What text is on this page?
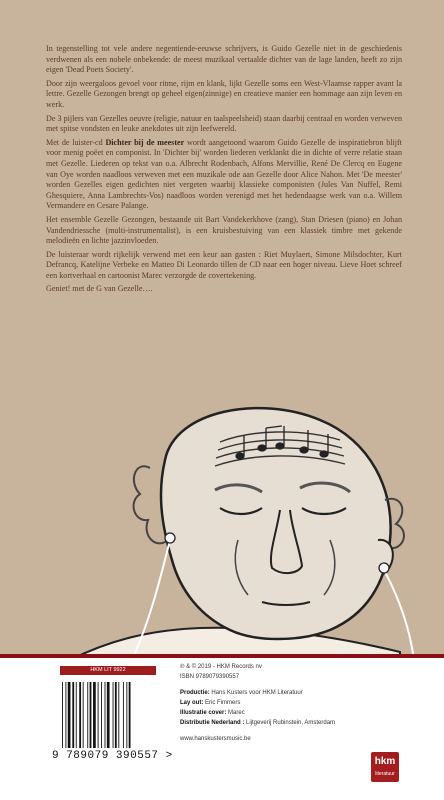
In tegenstelling tot vele andere negentiende-eeuwse schrijvers, is Guido Gezelle niet in de geschiedenis verdwenen als een nobele onbekende: de meest muzikaal vertaalde dichter van de lage landen, heeft zo zijn eigen 'Dead Poets Society'.

Door zijn weergaloos gevoel voor ritme, rijm en klank, lijkt Gezelle soms een West-Vlaamse rapper avant la lettre. Gezelle Gezongen brengt op geheel eigen(zinnige) en creatieve manier een hommage aan zijn leven en werk.

De 3 pijlers van Gezelles oeuvre (religie, natuur en taalspeelsheid) staan daarbij centraal en worden verweven met spitse vondsten en leuke anekdotes uit zijn leefwereld.

Met de luister-cd Dichter bij de meester wordt aangetoond waarom Guido Gezelle de inspiratiebron blijft voor menig poëet en componist. In 'Dichter bij' worden liederen verklankt die in dichte of verre relatie staan met Gezelle. Liederen op tekst van o.a. Albrecht Rodenbach, Alfons Mervillie, René De Clercq en Eugene van Oye worden naadloos verweven met een muzikale ode aan Gezelle door Alice Nahon. Met 'De meester' worden Gezelles eigen gedichten niet vergeten waarbij klassieke componisten (Jules Van Nuffel, Remi Ghesquiere, Anna Lambrechts-Vos) naadloos worden verenigd met het hedendaagse werk van o.a. Willem Vermandere en Cesare Palange.

Het ensemble Gezelle Gezongen, bestaande uit Bart Vandekerkhove (zang), Stan Driesen (piano) en Johan Vandendriessche (multi-instrumentalist), is een kruisbestuiving van een klassiek timbre met gekende melodieën en lichte jazzinvloeden.

De luisteraar wordt rijkelijk verwend met een keur aan gasten : Riet Muylaert, Simone Milsdochter, Kurt Defrancq, Katelijne Verbeke en Matteo Di Leonardo tillen de CD naar een hoger niveau. Lieve Hoet schreef een kortverhaal en cartoonist Marec verzorgde de covertekening.

Geniet! met de G van Gezelle….

HKM LIT 9922
9 789079 390557 >
℗ & © 2019 - HKM Records nv
ISBN 9789079390557
Productie: Hans Kusters voor HKM Literatuur
Lay out: Eric Fimmers
Illustratie cover: Marec
Distributie Nederland : Lijtgeverij Rubinstein, Amsterdam
www.hanskustersmusic.be
hkm
literatuur
